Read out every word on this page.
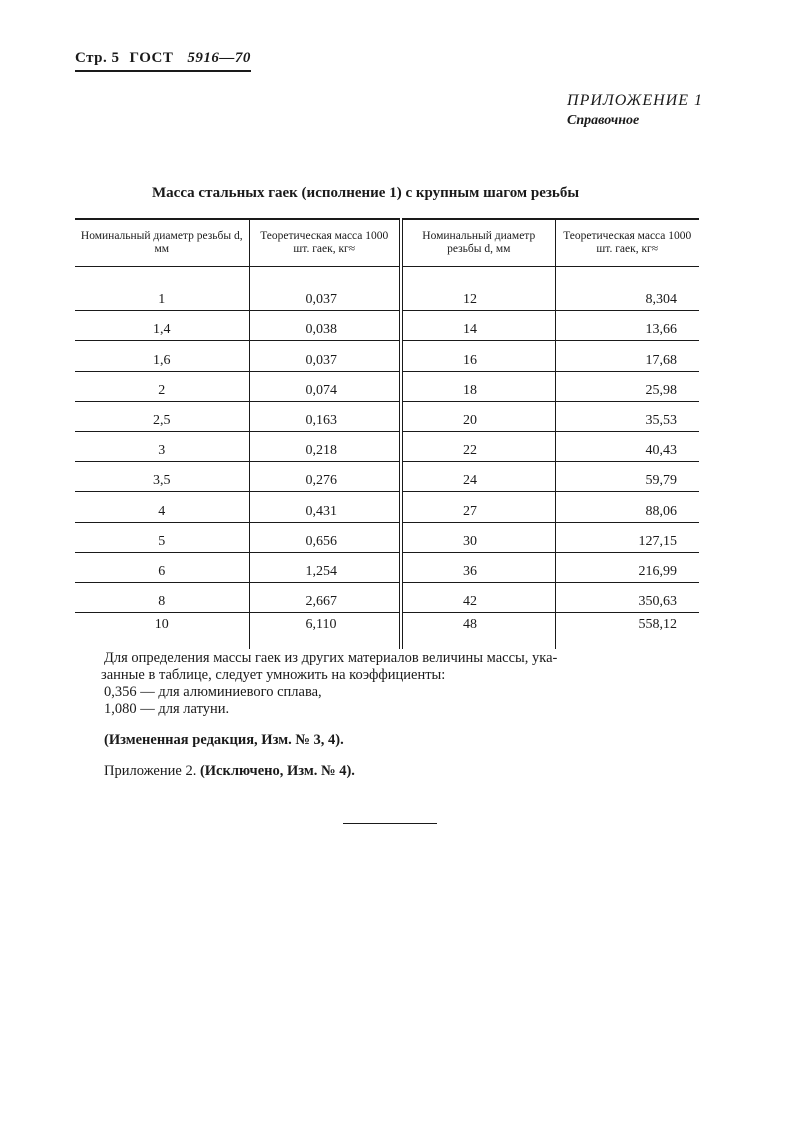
Стр. 5 ГОСТ 5916—70
ПРИЛОЖЕНИЕ 1
Справочное
Масса стальных гаек (исполнение 1) с крупным шагом резьбы
Номинальный диаметр резьбы d, мм	Теоретическая масса 1000 шт. гаек, кг≈	Номинальный диаметр резьбы d, мм	Теоретическая масса 1000 шт. гаек, кг≈
1	0,037	12	8,304
1,4	0,038	14	13,66
1,6	0,037	16	17,68
2	0,074	18	25,98
2,5	0,163	20	35,53
3	0,218	22	40,43
3,5	0,276	24	59,79
4	0,431	27	88,06
5	0,656	30	127,15
6	1,254	36	216,99
8	2,667	42	350,63
10	6,110	48	558,12
Для определения массы гаек из других материалов величины массы, ука-
занные в таблице, следует умножить на коэффициенты:
0,356 — для алюминиевого сплава,
1,080 — для латуни.
(Измененная редакция, Изм. № 3, 4).
Приложение 2. (Исключено, Изм. № 4).
